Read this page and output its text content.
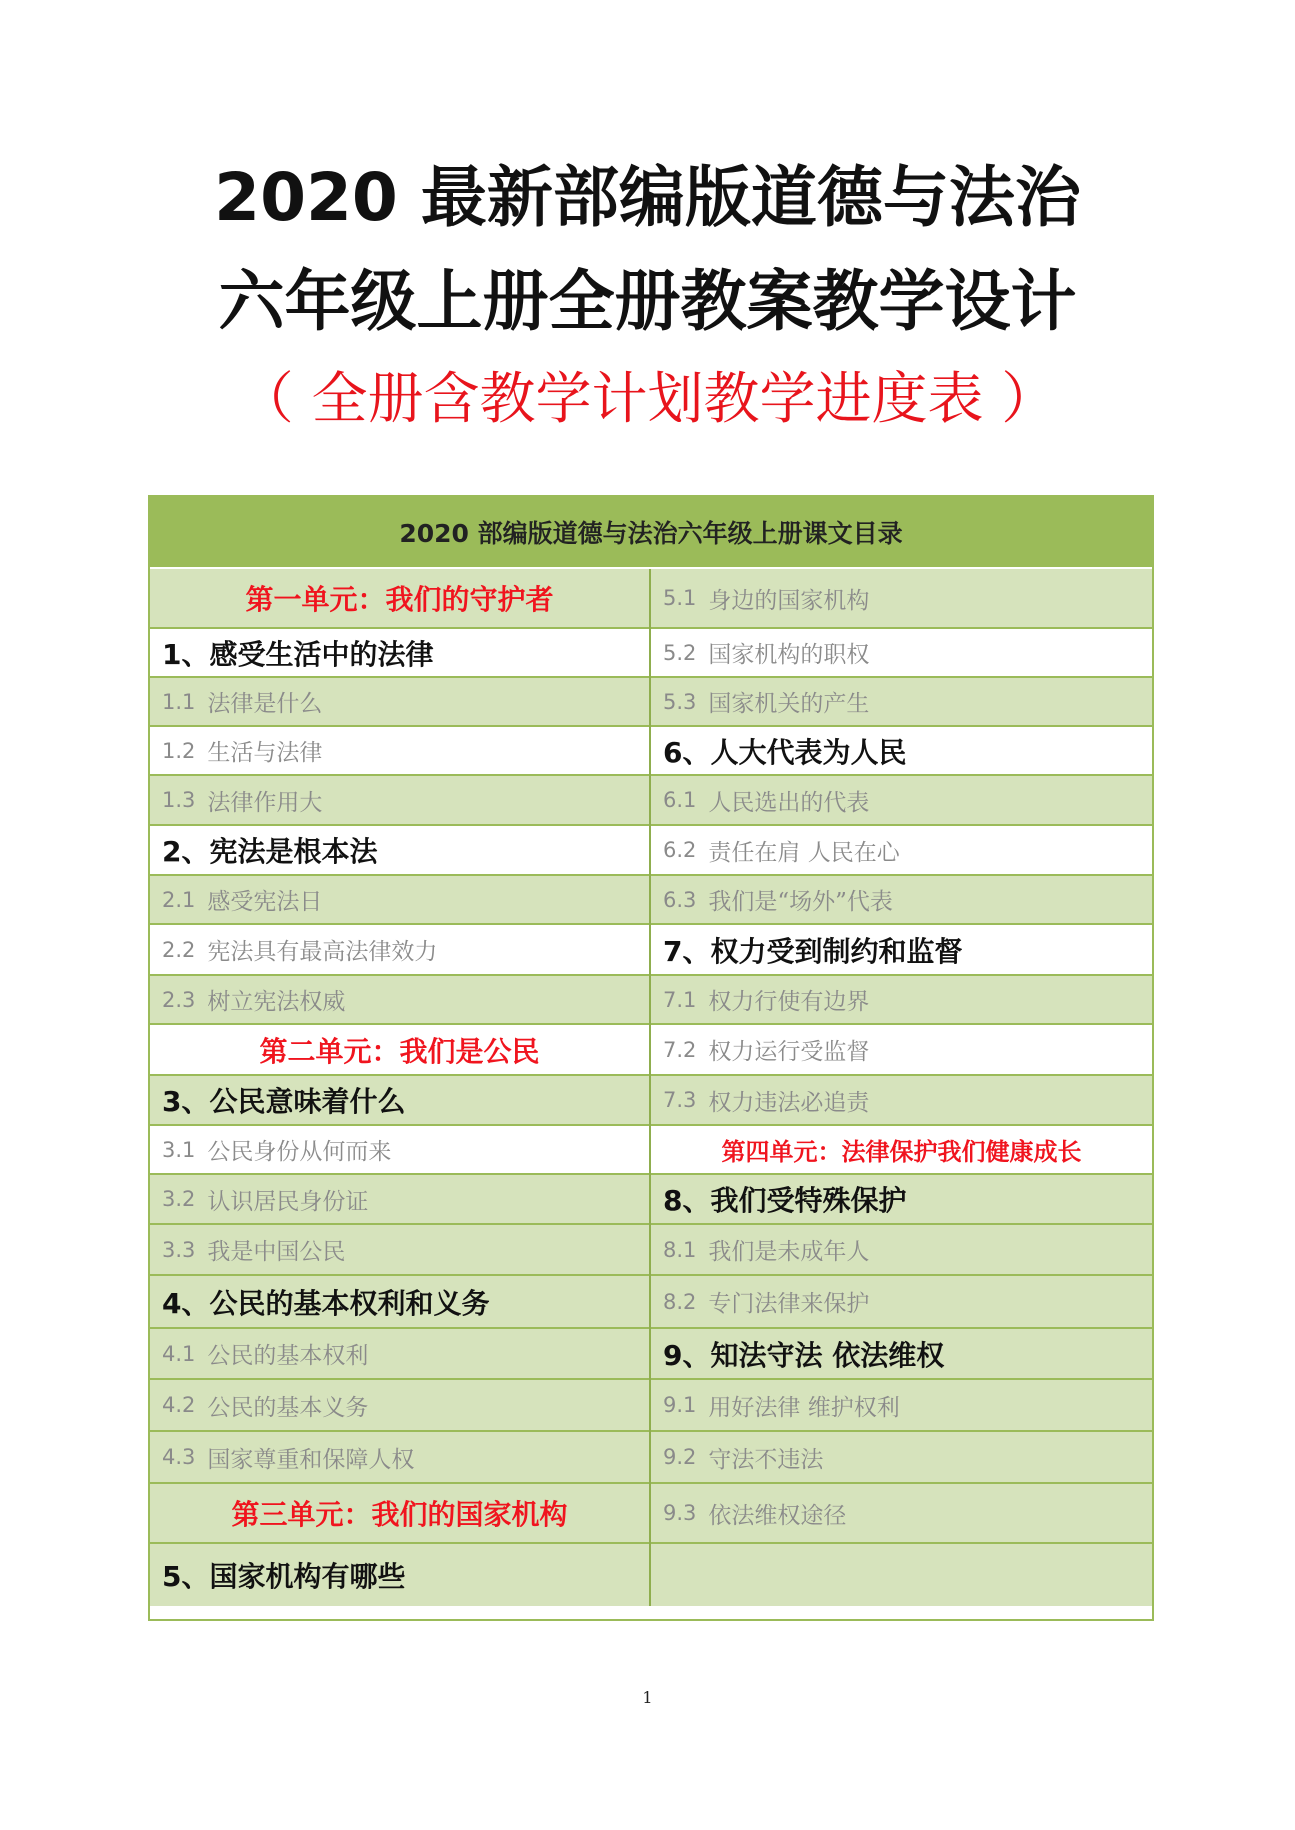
2020 最新部编版道德与法治
六年级上册全册教案教学设计
（ 全册含教学计划教学进度表 ）
2020 部编版道德与法治六年级上册课文目录
第一单元：我们的守护者
1、感受生活中的法律
1.1 法律是什么
1.2 生活与法律
1.3 法律作用大
2、宪法是根本法
2.1 感受宪法日
2.2 宪法具有最高法律效力
2.3 树立宪法权威
第二单元：我们是公民
3、公民意味着什么
3.1 公民身份从何而来
3.2 认识居民身份证
3.3 我是中国公民
4、公民的基本权利和义务
4.1 公民的基本权利
4.2 公民的基本义务
4.3 国家尊重和保障人权
第三单元：我们的国家机构
5、国家机构有哪些
5.1 身边的国家机构
5.2 国家机构的职权
5.3 国家机关的产生
6、人大代表为人民
6.1 人民选出的代表
6.2 责任在肩 人民在心
6.3 我们是“场外”代表
7、权力受到制约和监督
7.1 权力行使有边界
7.2 权力运行受监督
7.3 权力违法必追责
第四单元：法律保护我们健康成长
8、我们受特殊保护
8.1 我们是未成年人
8.2 专门法律来保护
9、知法守法 依法维权
9.1 用好法律 维护权利
9.2 守法不违法
9.3 依法维权途径
1
